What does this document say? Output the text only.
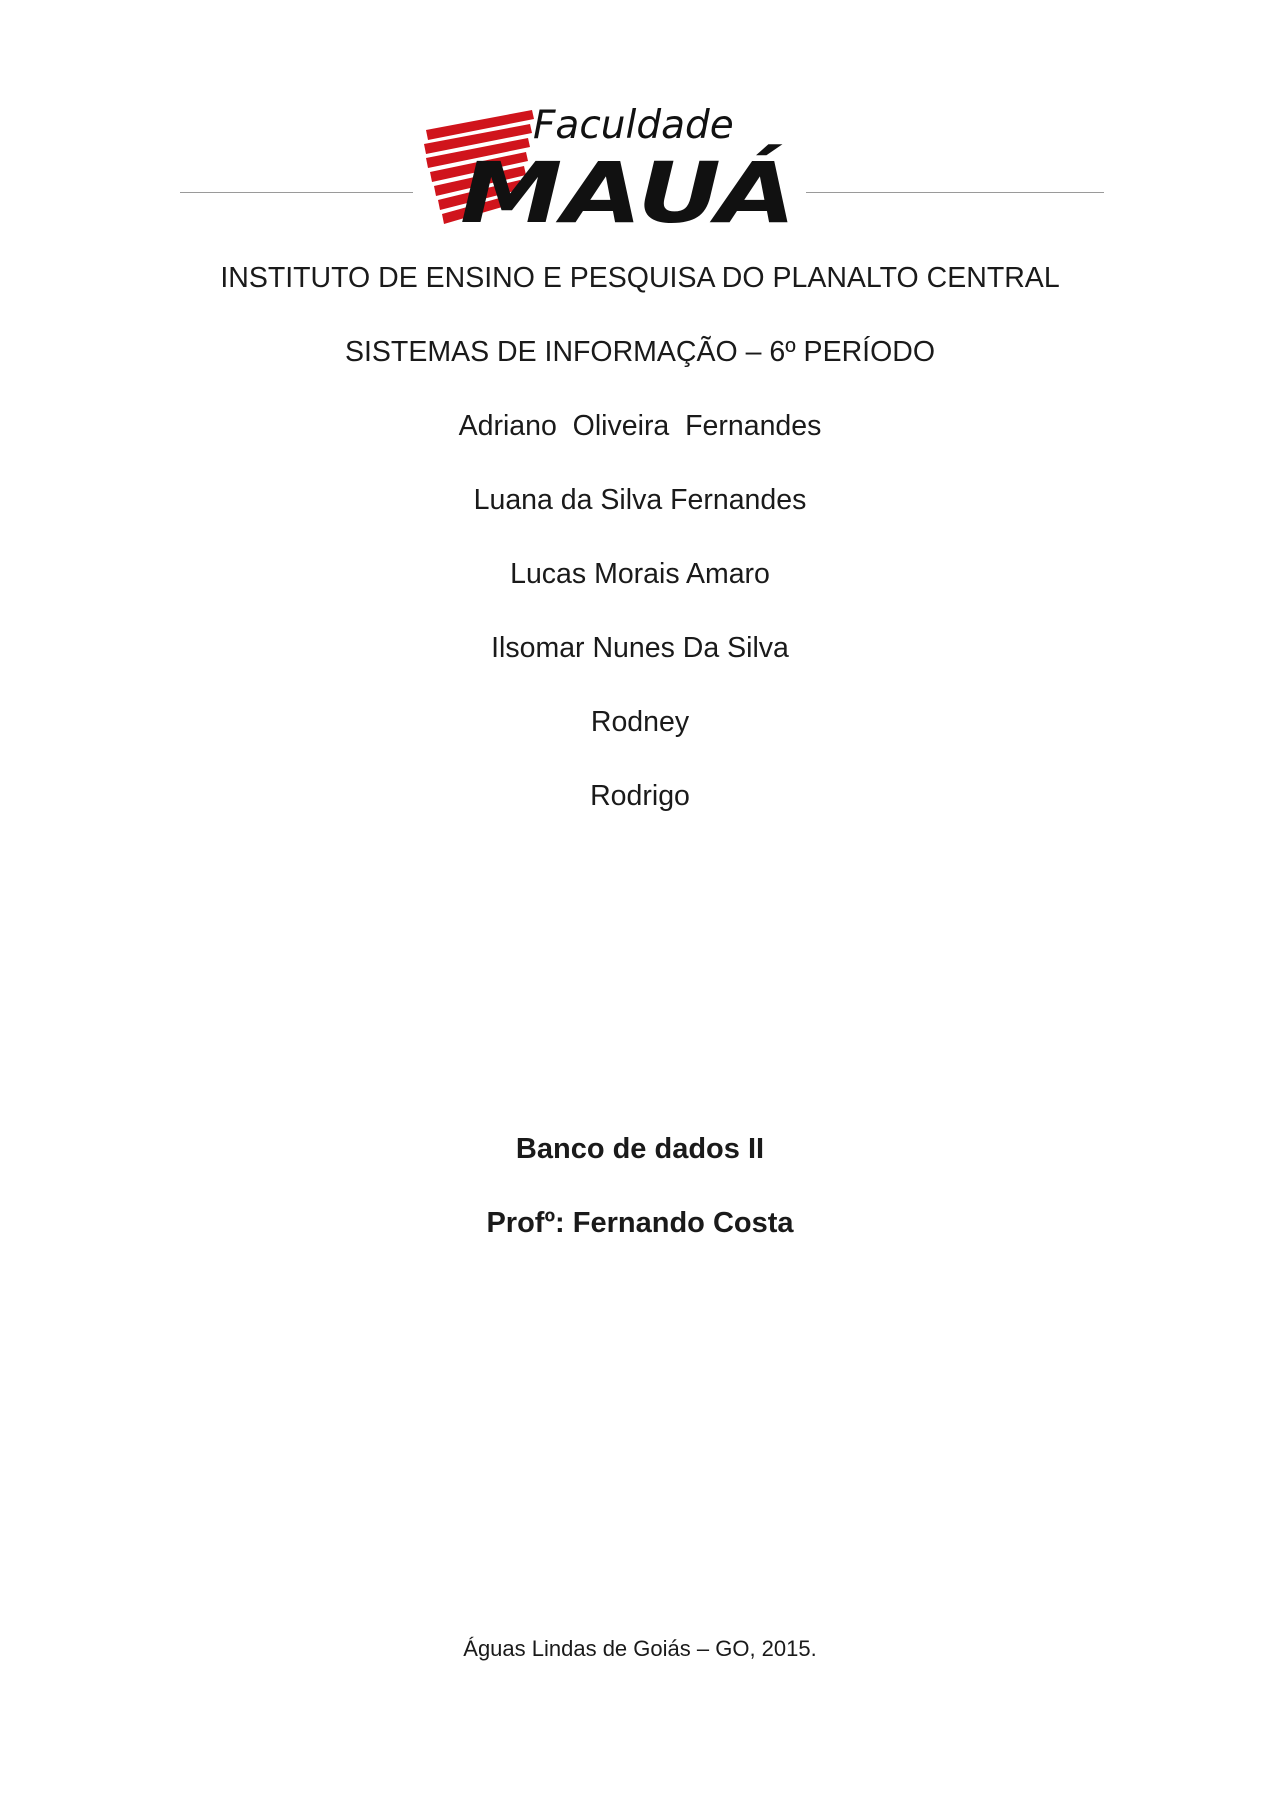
Faculdade
MAUÁ
INSTITUTO DE ENSINO E PESQUISA DO PLANALTO CENTRAL
SISTEMAS DE INFORMAÇÃO – 6º PERÍODO
Adriano  Oliveira  Fernandes
Luana da Silva Fernandes
Lucas Morais Amaro
Ilsomar Nunes Da Silva
Rodney
Rodrigo
Banco de dados II
Profº: Fernando Costa
Águas Lindas de Goiás – GO, 2015.
